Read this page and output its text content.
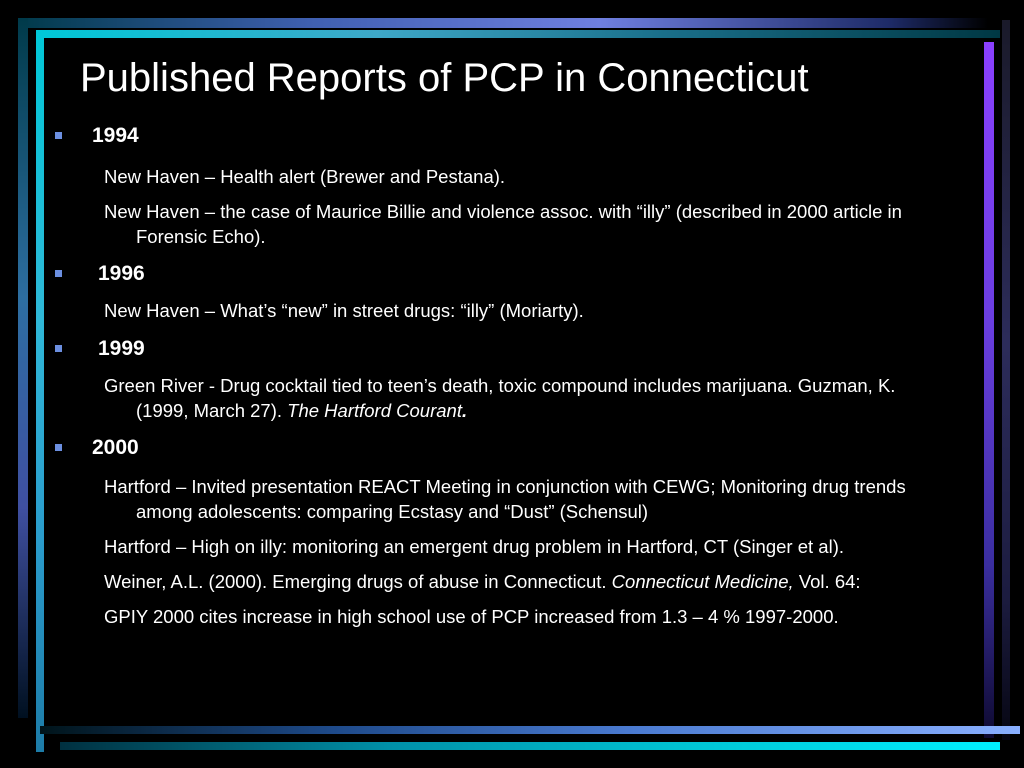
Published Reports of PCP in Connecticut

1994

New Haven – Health alert (Brewer and Pestana).

New Haven – the case of Maurice Billie and violence assoc. with “illy” (described in 2000 article in Forensic Echo).

1996

New Haven – What’s “new” in street drugs: “illy” (Moriarty).

1999

Green River - Drug cocktail tied to teen’s death, toxic compound includes marijuana. Guzman, K. (1999, March 27). The Hartford Courant.

2000

Hartford – Invited presentation REACT Meeting in conjunction with CEWG; Monitoring drug trends among adolescents: comparing Ecstasy and “Dust” (Schensul)

Hartford – High on illy: monitoring an emergent drug problem in Hartford, CT (Singer et al).

Weiner, A.L. (2000). Emerging drugs of abuse in Connecticut. Connecticut Medicine, Vol. 64:

GPIY 2000 cites increase in high school use of PCP increased from 1.3 – 4 % 1997-2000.
